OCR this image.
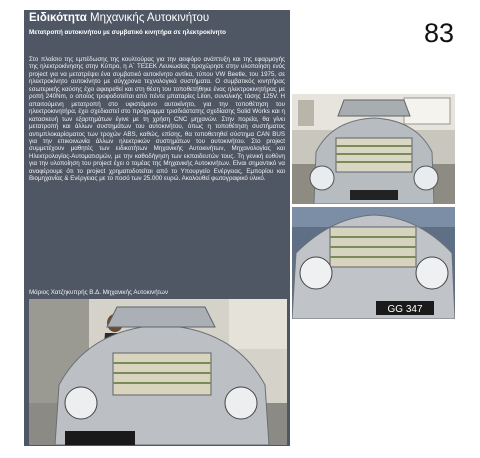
Ειδικότητα Μηχανικής Αυτοκινήτου
Μετατροπή αυτοκινήτου με συμβατικό κινητήρα σε ηλεκτροκίνητο

Στο πλαίσιο της εμπέδωσης της κουλτούρας για την αειφόρο ανάπτυξη και της εφαρμογής της ηλεκτροκίνησης στην Κύπρο, η Α΄ ΤΕΣΕΚ Λευκωσίας προχώρησε στην υλοποίηση ενός project για να μετατρέψει ένα συμβατικό αυτοκίνητο αντίκα, τύπου VW Beetle, του 1975, σε ηλεκτροκίνητο αυτοκίνητο με σύγχρονα τεχνολογικά συστήματα. Ο συμβατικός κινητήρας εσωτερικής καύσης έχει αφαιρεθεί και στη θέση του τοποθετήθηκε ένας ηλεκτροκινητήρας με ροπή 240Nm, ο οποίος τροφοδοτείται από πέντε μπαταρίες LiIon, συνολικής τάσης 125V. Η απαιτούμενη μετατροπή στο υφιστάμενο αυτοκίνητο, για την τοποθέτηση του ηλεκτροκινητήρα, έχει σχεδιαστεί στο πρόγραμμα τρισδιάστατης σχεδίασης Solid Works και η κατασκευή των εξαρτημάτων έγινε με τη χρήση CNC μηχανών. Στην πορεία, θα γίνει μετατροπή και άλλων συστημάτων του αυτοκινήτου, όπως η τοποθέτηση συστήματος αντιμπλοκαρίσματος των τροχών ABS, καθώς, επίσης, θα τοποθετηθεί σύστημα CAN BUS για την επικοινωνία άλλων ηλεκτρικών συστημάτων του αυτοκινήτου. Στο project συμμετέχουν μαθητές των ειδικοτήτων Μηχανικής Αυτοκινήτων, Μηχανολογίας και Ηλεκτρολογίας-Αυτοματισμών, με την καθοδήγηση των εκπαιδευτών τους. Τη γενική ευθύνη για την υλοποίηση του project έχει ο τομέας της Μηχανικής Αυτοκινήτων. Είναι σημαντικό να αναφέρουμε ότι το project χρηματοδοτείται από το Υπουργείο Ενέργειας, Εμπορίου και Βιομηχανίας & Ενέργειας με το ποσό των 25.000 ευρώ. Ακολουθεί φωτογραφικό υλικό.

Μάριος Χατζηκυπρής Β.Δ. Μηχανικής Αυτοκινήτων
83
GG 347
